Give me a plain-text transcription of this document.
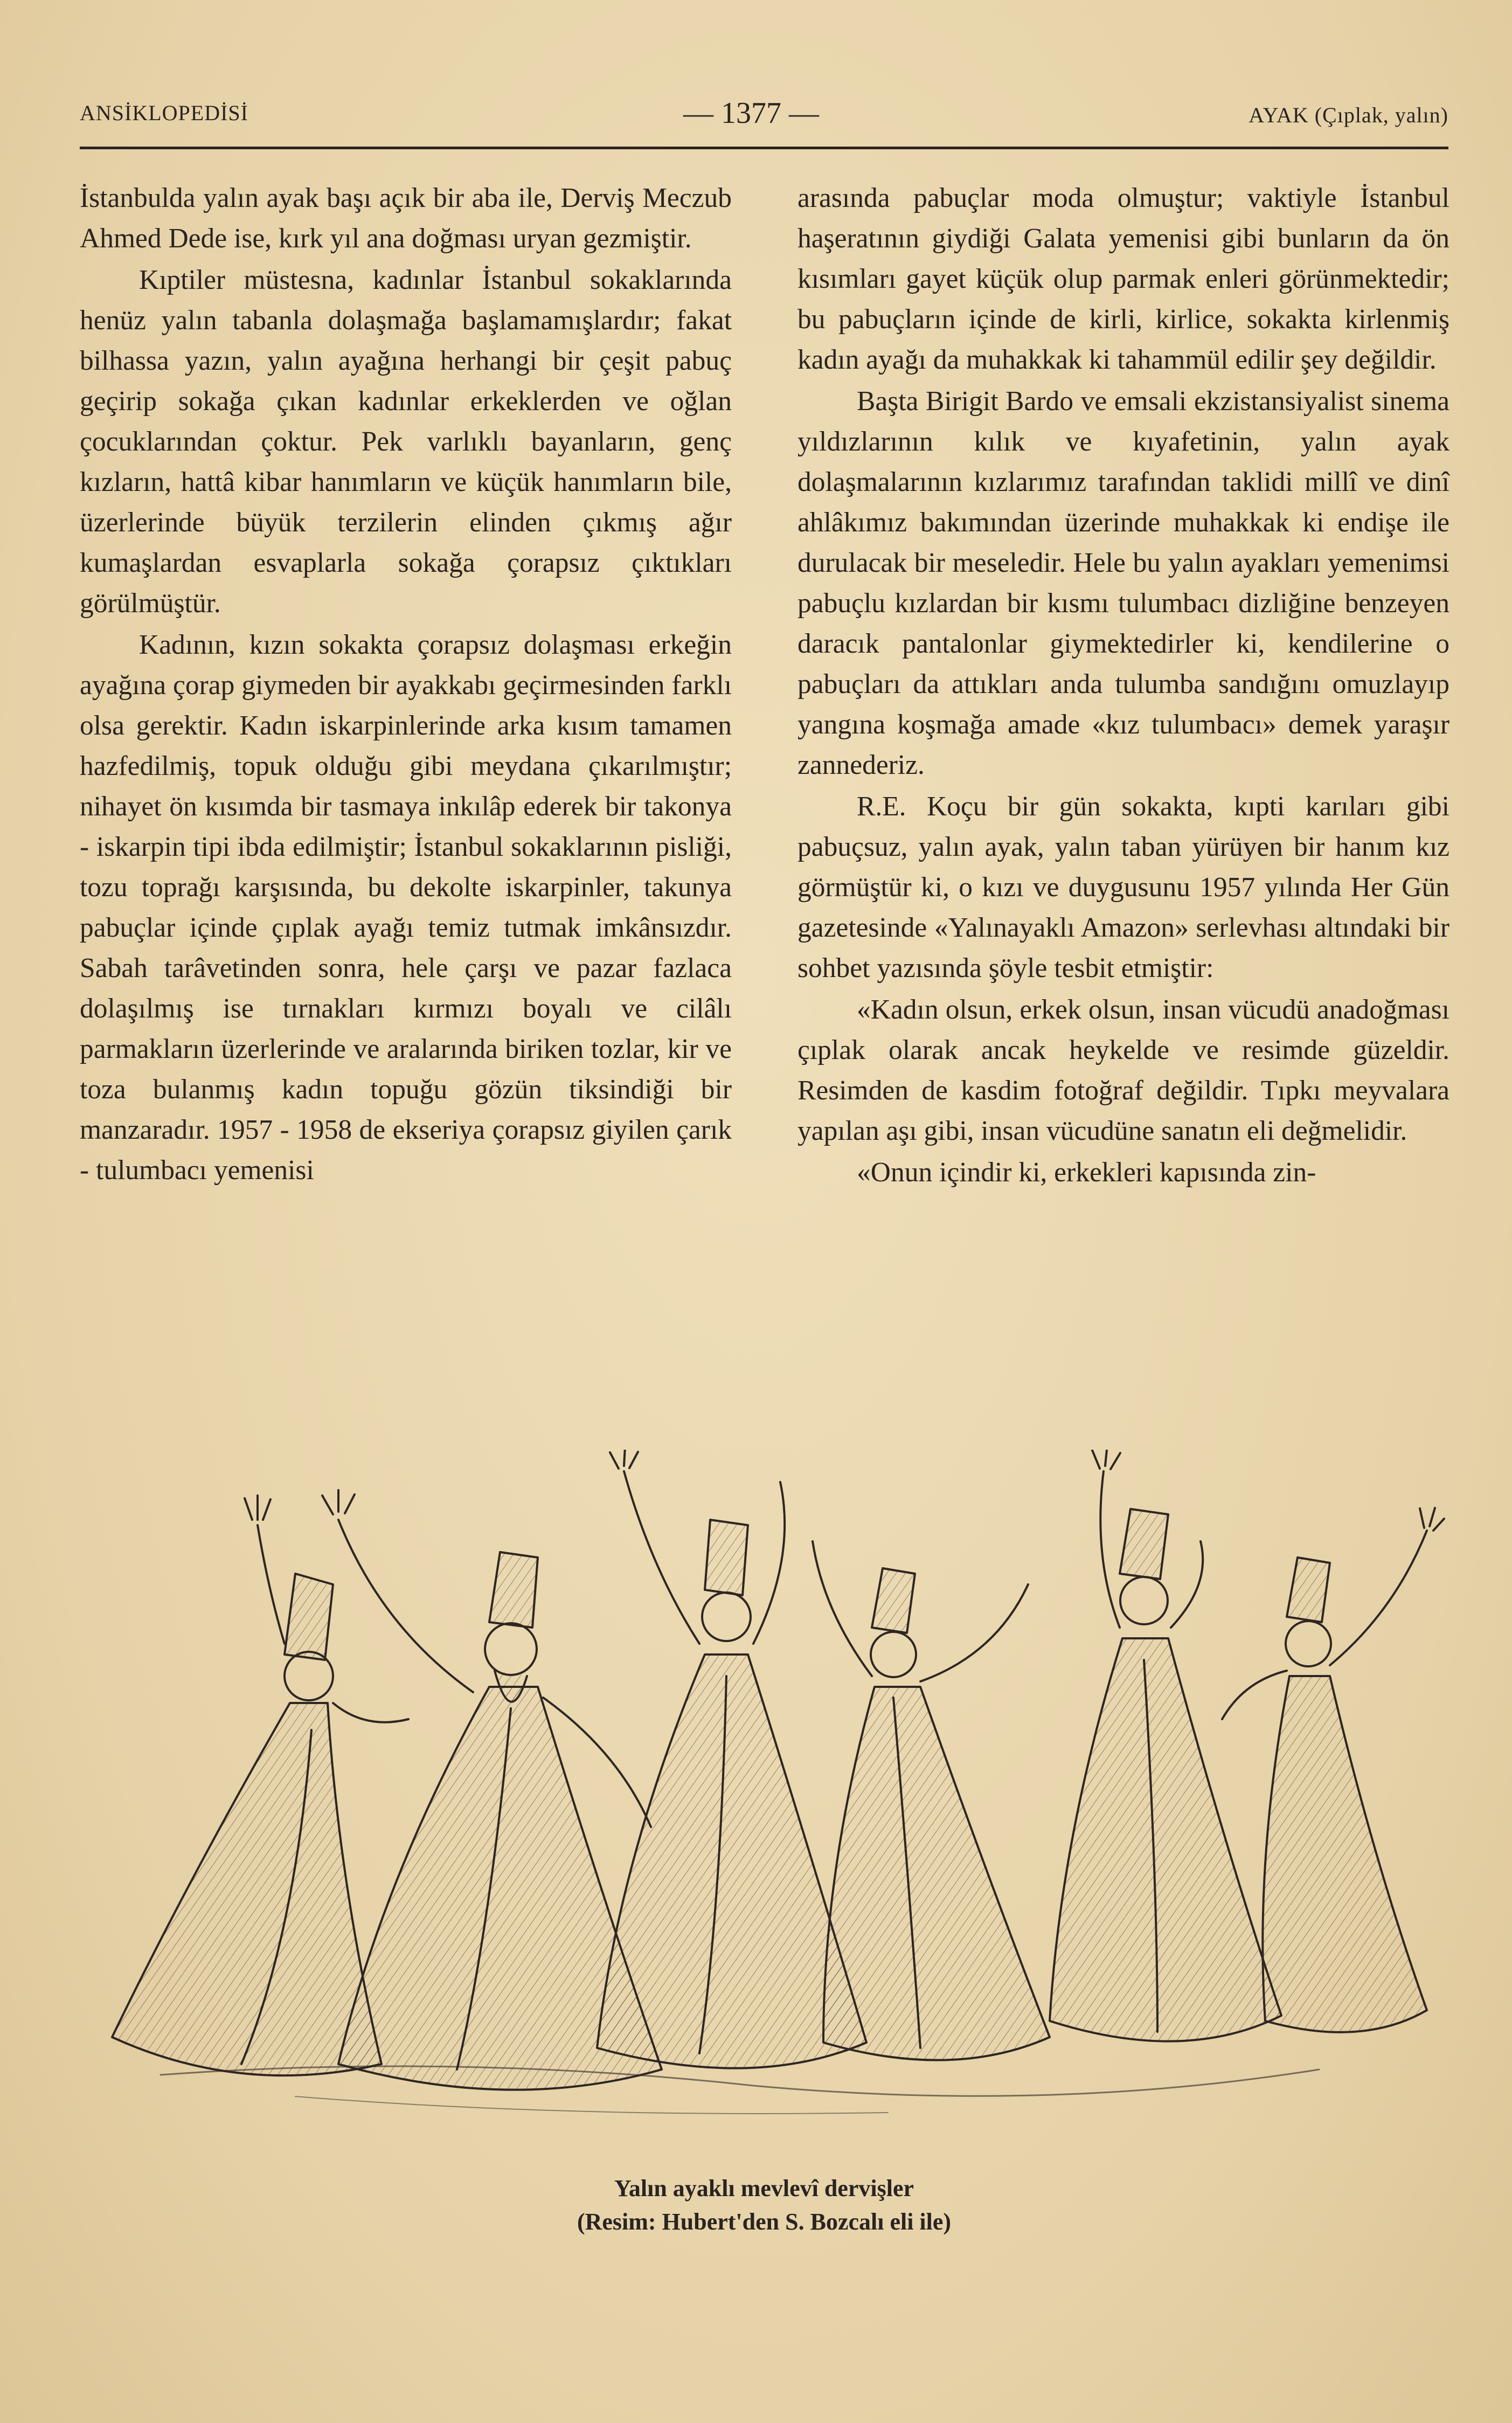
ANSİKLOPEDİSİ	— 1377 —	AYAK (Çıplak, yalın)

İstanbulda yalın ayak başı açık bir aba ile, Derviş Meczub Ahmed Dede ise, kırk yıl ana doğması uryan gezmiştir.

Kıptiler müstesna, kadınlar İstanbul sokaklarında henüz yalın tabanla dolaşmağa başlamamışlardır; fakat bilhassa yazın, yalın ayağına herhangi bir çeşit pabuç geçirip sokağa çıkan kadınlar erkeklerden ve oğlan çocuklarından çoktur. Pek varlıklı bayanların, genç kızların, hattâ kibar hanımların ve küçük hanımların bile, üzerlerinde büyük terzilerin elinden çıkmış ağır kumaşlardan esvaplarla sokağa çorapsız çıktıkları görülmüştür.

Kadının, kızın sokakta çorapsız dolaşması erkeğin ayağına çorap giymeden bir ayakkabı geçirmesinden farklı olsa gerektir. Kadın iskarpinlerinde arka kısım tamamen hazfedilmiş, topuk olduğu gibi meydana çıkarılmıştır; nihayet ön kısımda bir tasmaya inkılâp ederek bir takonya - iskarpin tipi ibda edilmiştir; İstanbul sokaklarının pisliği, tozu toprağı karşısında, bu dekolte iskarpinler, takunya pabuçlar içinde çıplak ayağı temiz tutmak imkânsızdır. Sabah tarâvetinden sonra, hele çarşı ve pazar fazlaca dolaşılmış ise tırnakları kırmızı boyalı ve cilâlı parmakların üzerlerinde ve aralarında biriken tozlar, kir ve toza bulanmış kadın topuğu gözün tiksindiği bir manzaradır. 1957 - 1958 de ekseriya çorapsız giyilen çarık - tulumbacı yemenisi

arasında pabuçlar moda olmuştur; vaktiyle İstanbul haşeratının giydiği Galata yemenisi gibi bunların da ön kısımları gayet küçük olup parmak enleri görünmektedir; bu pabuçların içinde de kirli, kirlice, sokakta kirlenmiş kadın ayağı da muhakkak ki tahammül edilir şey değildir.

Başta Birigit Bardo ve emsali ekzistansiyalist sinema yıldızlarının kılık ve kıyafetinin, yalın ayak dolaşmalarının kızlarımız tarafından taklidi millî ve dinî ahlâkımız bakımından üzerinde muhakkak ki endişe ile durulacak bir meseledir. Hele bu yalın ayakları yemenimsi pabuçlu kızlardan bir kısmı tulumbacı dizliğine benzeyen daracık pantalonlar giymektedirler ki, kendilerine o pabuçları da attıkları anda tulumba sandığını omuzlayıp yangına koşmağa amade «kız tulumbacı» demek yaraşır zannederiz.

R.E. Koçu bir gün sokakta, kıpti karıları gibi pabuçsuz, yalın ayak, yalın taban yürüyen bir hanım kız görmüştür ki, o kızı ve duygusunu 1957 yılında Her Gün gazetesinde «Yalınayaklı Amazon» serlevhası altındaki bir sohbet yazısında şöyle tesbit etmiştir:

«Kadın olsun, erkek olsun, insan vücudü anadoğması çıplak olarak ancak heykelde ve resimde güzeldir. Resimden de kasdim fotoğraf değildir. Tıpkı meyvalara yapılan aşı gibi, insan vücudüne sanatın eli değmelidir.

«Onun içindir ki, erkekleri kapısında zin-

Yalın ayaklı mevlevî dervişler
(Resim: Hubert'den S. Bozcalı eli ile)
